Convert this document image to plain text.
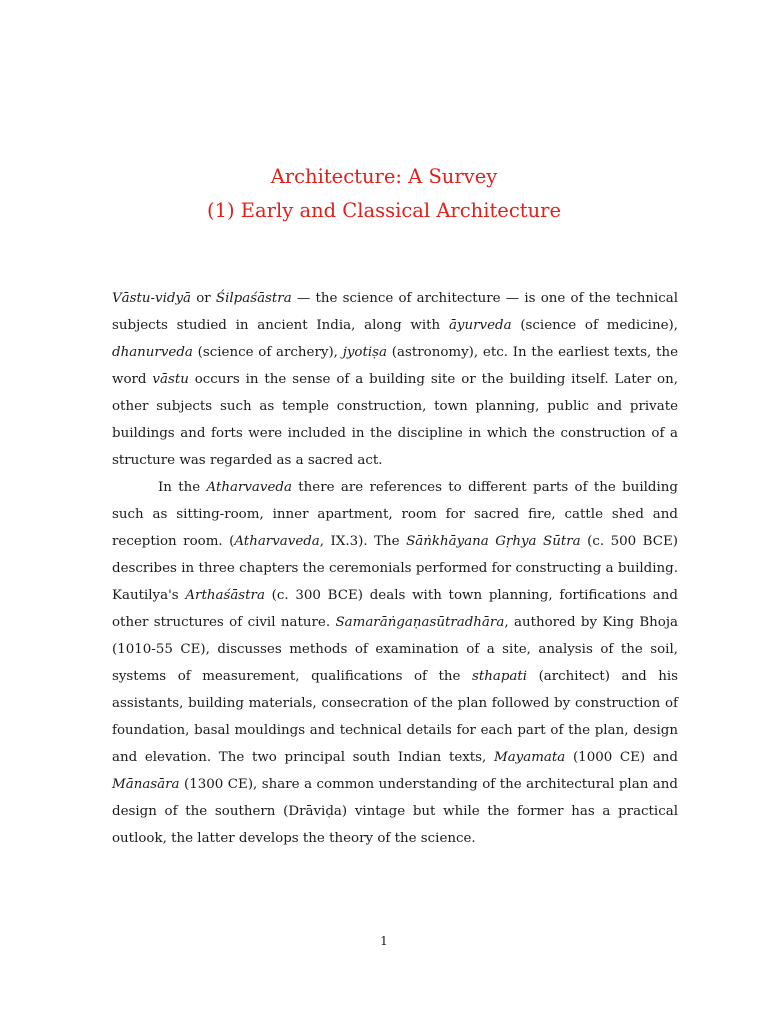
Architecture: A Survey
(1) Early and Classical Architecture

Vāstu-vidyā or Śilpaśāstra — the science of architecture — is one of the technical subjects studied in ancient India, along with āyurveda (science of medicine), dhanurveda (science of archery), jyotiṣa (astronomy), etc. In the earliest texts, the word vāstu occurs in the sense of a building site or the building itself. Later on, other subjects such as temple construction, town planning, public and private buildings and forts were included in the discipline in which the construction of a structure was regarded as a sacred act.

In the Atharvaveda there are references to different parts of the building such as sitting-room, inner apartment, room for sacred fire, cattle shed and reception room. (Atharvaveda, IX.3). The Sāṅkhāyana Gṛhya Sūtra (c. 500 BCE) describes in three chapters the ceremonials performed for constructing a building. Kautilya's Arthaśāstra (c. 300 BCE) deals with town planning, fortifications and other structures of civil nature. Samarāṅgaṇasūtradhāra, authored by King Bhoja (1010-55 CE), discusses methods of examination of a site, analysis of the soil, systems of measurement, qualifications of the sthapati (architect) and his assistants, building materials, consecration of the plan followed by construction of foundation, basal mouldings and technical details for each part of the plan, design and elevation. The two principal south Indian texts, Mayamata (1000 CE) and Mānasāra (1300 CE), share a common understanding of the architectural plan and design of the southern (Drāviḍa) vintage but while the former has a practical outlook, the latter develops the theory of the science.

1
